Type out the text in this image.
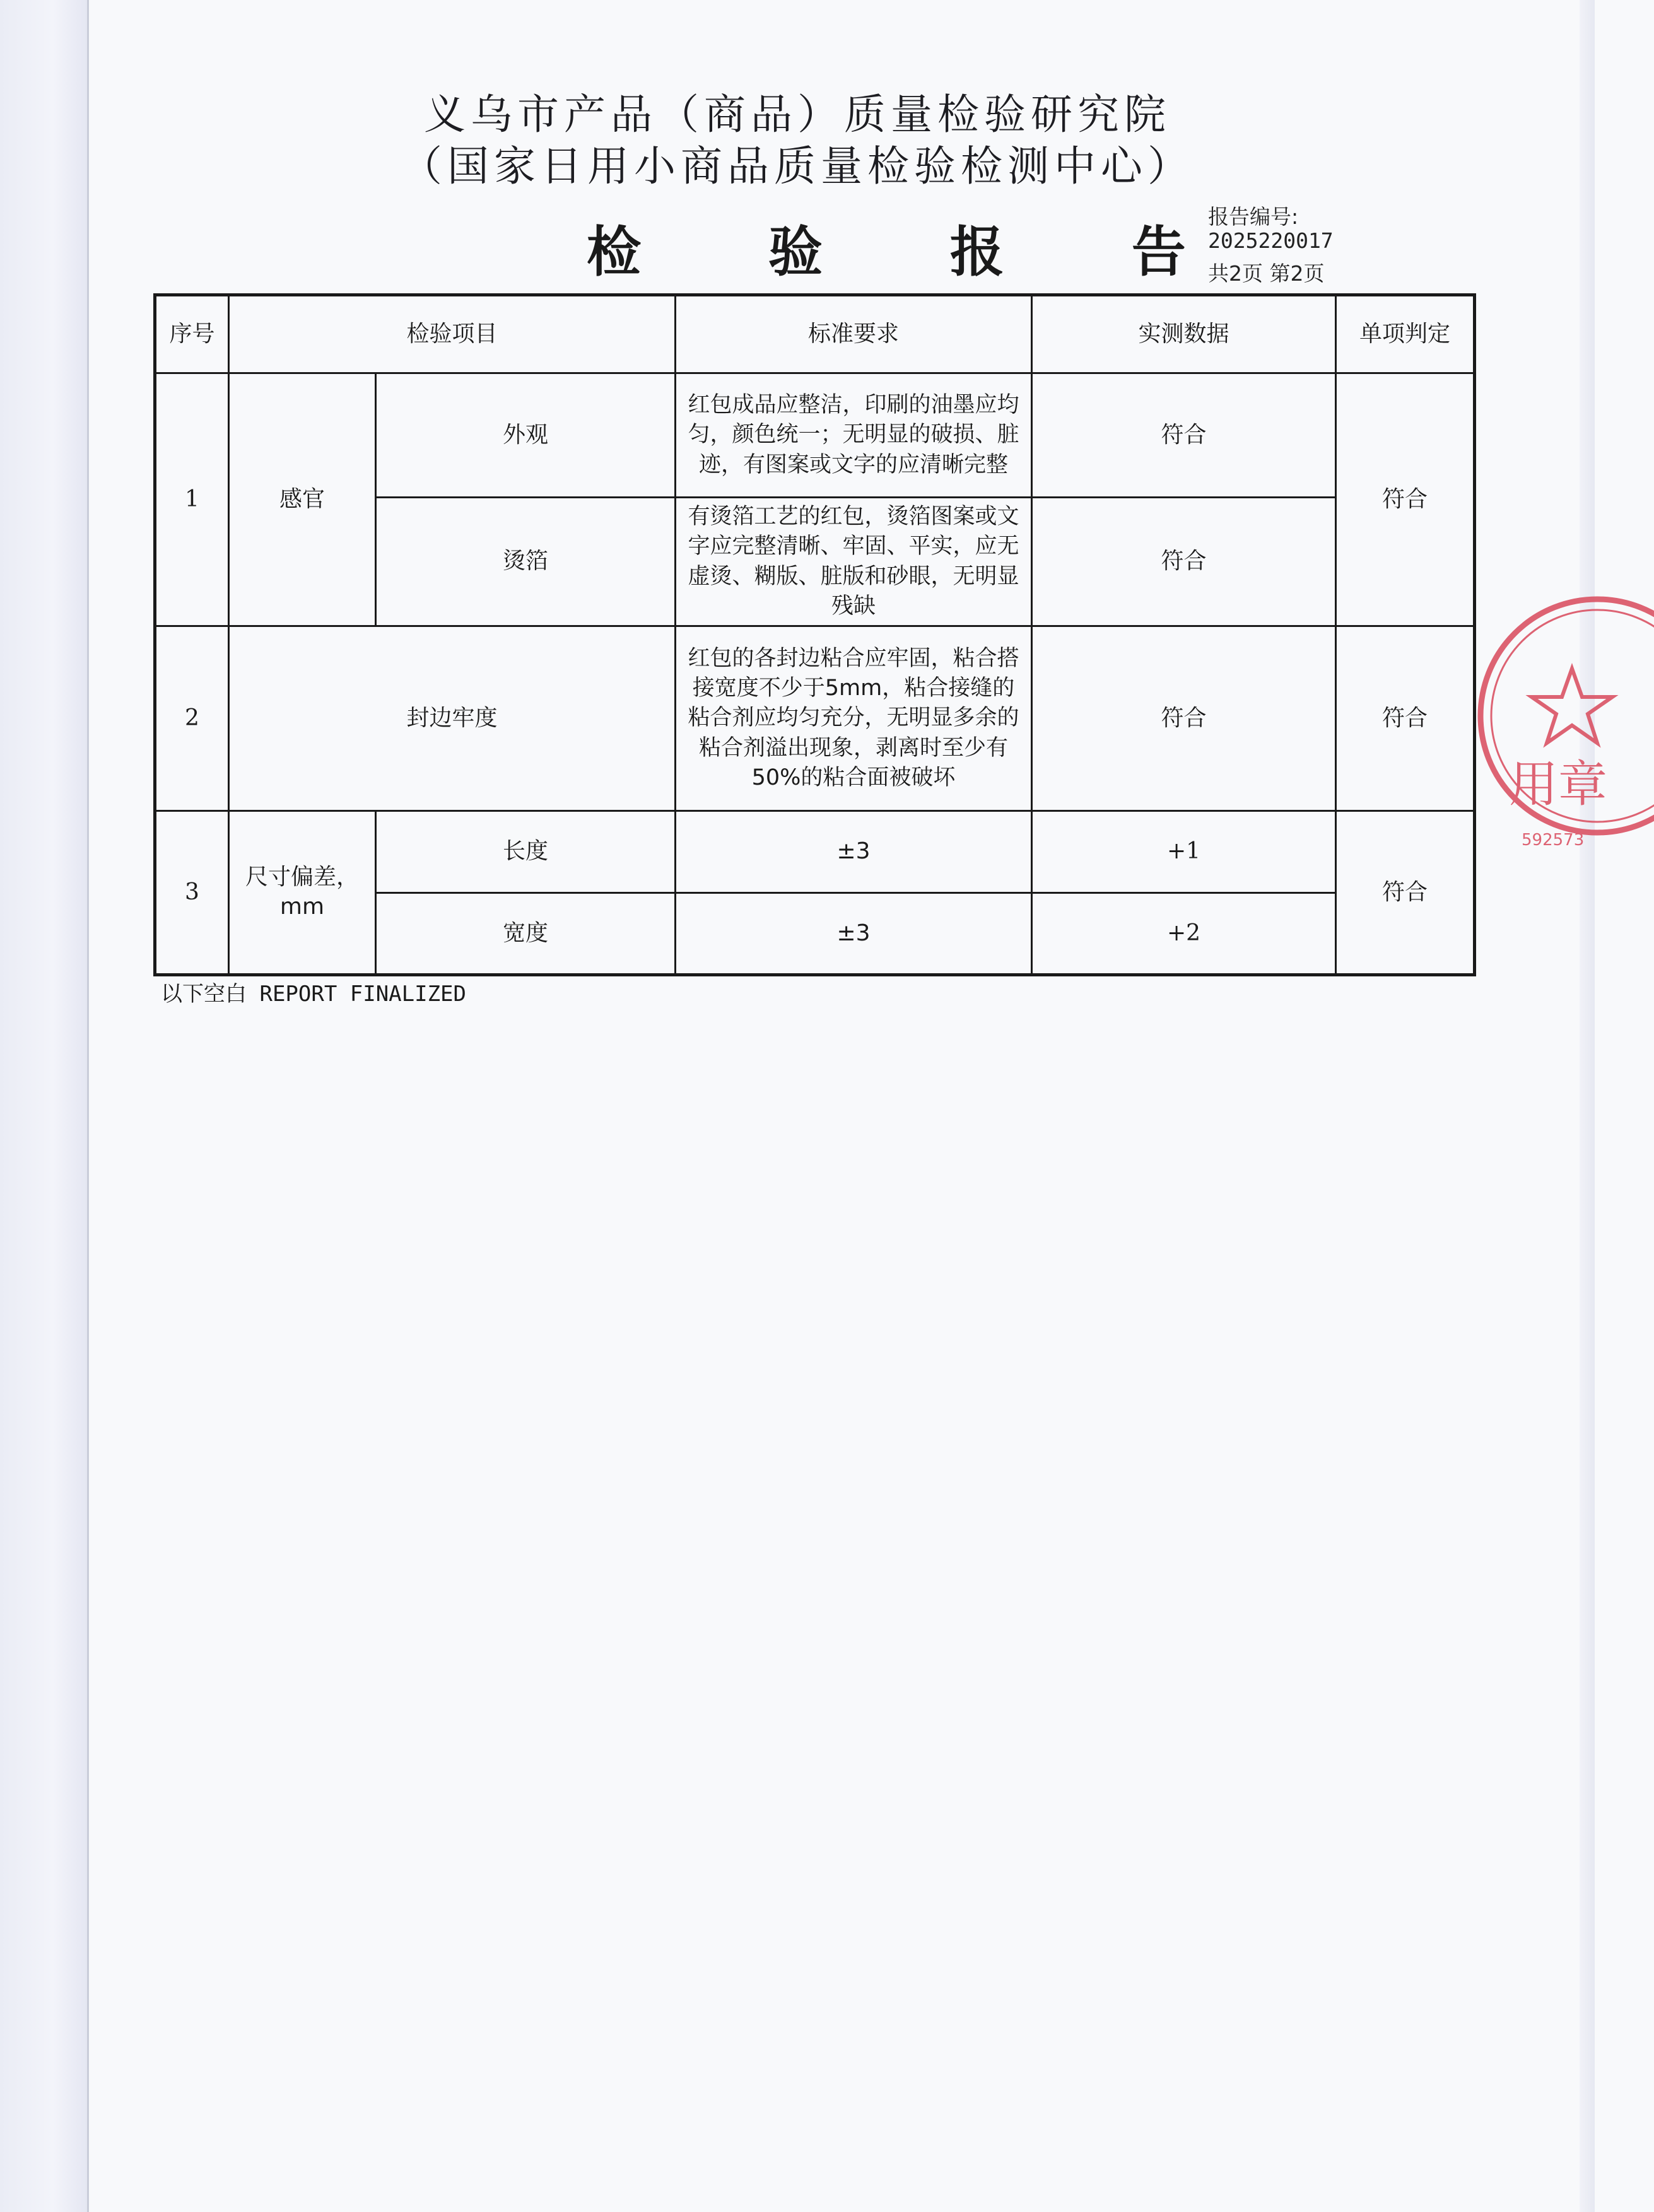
义乌市产品（商品）质量检验研究院
（国家日用小商品质量检验检测中心）
检 验 报 告
报告编号:
2025220017
共2页 第2页
序号	检验项目		标准要求	实测数据	单项判定
1	感官	外观	红包成品应整洁，印刷的油墨应均匀，颜色统一；无明显的破损、脏迹，有图案或文字的应清晰完整	符合	符合
		烫箔	有烫箔工艺的红包，烫箔图案或文字应完整清晰、牢固、平实，应无虚烫、糊版、脏版和砂眼，无明显残缺	符合	
2	封边牢度		红包的各封边粘合应牢固，粘合搭接宽度不少于5mm，粘合接缝的粘合剂应均匀充分，无明显多余的粘合剂溢出现象，剥离时至少有50%的粘合面被破坏	符合	符合
3	尺寸偏差，mm	长度	±3	+1	符合
		宽度	±3	+2	
以下空白 REPORT FINALIZED
用章
592573
